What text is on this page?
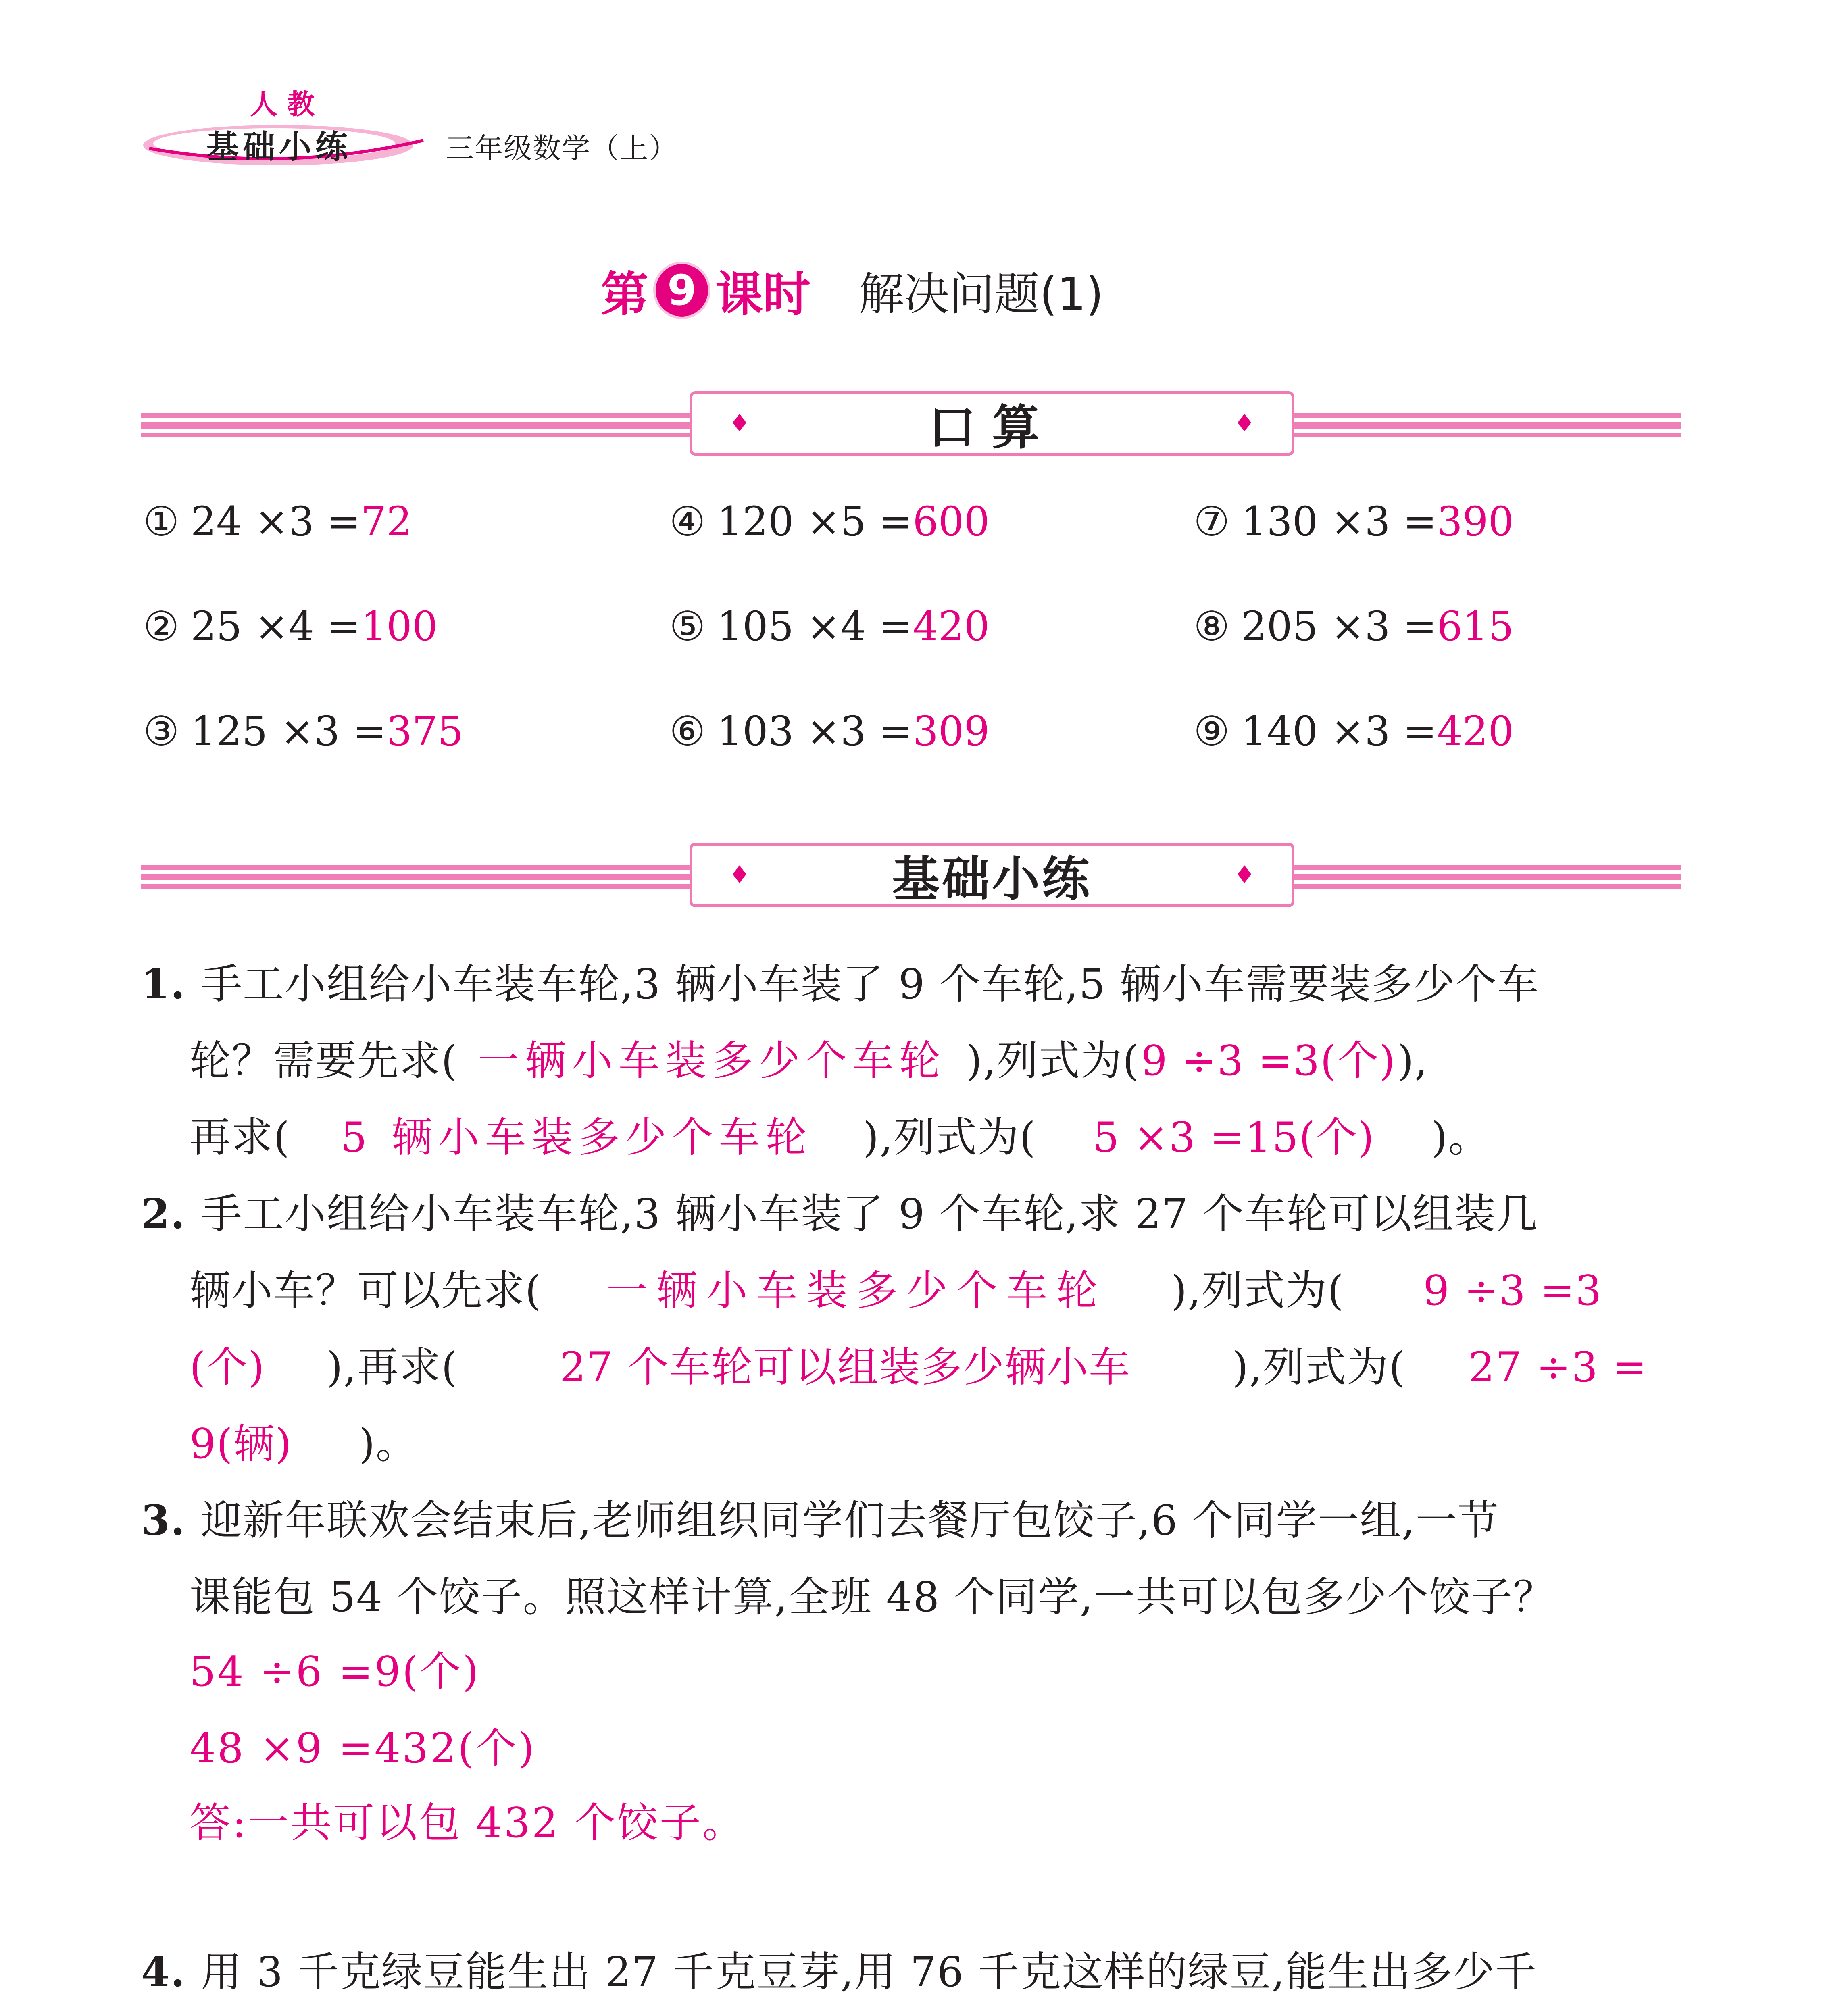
人教
基础小练	三年级数学（上）
第 9 课时 解决问题(1)
♦	口算	♦
① 24 ×3 =72	④ 120 ×5 =600	⑦ 130 ×3 =390
② 25 ×4 =100	⑤ 105 ×4 =420	⑧ 205 ×3 =615
③ 125 ×3 =375	⑥ 103 ×3 =309	⑨ 140 ×3 =420
♦	基础小练	♦
1. 手工小组给小车装车轮,3 辆小车装了 9 个车轮,5 辆小车需要装多少个车
轮？需要先求( 一辆小车装多少个车轮 ),列式为(9 ÷3 =3(个)),
再求( 5 辆小车装多少个车轮 ),列式为( 5 ×3 =15(个) )。
2. 手工小组给小车装车轮,3 辆小车装了 9 个车轮,求 27 个车轮可以组装几
辆小车？可以先求( 一辆小车装多少个车轮 ),列式为( 9 ÷3 =3
(个) ),再求( 27 个车轮可以组装多少辆小车 ),列式为( 27 ÷3 =
9(辆) )。
3. 迎新年联欢会结束后,老师组织同学们去餐厅包饺子,6 个同学一组,一节
课能包 54 个饺子。照这样计算,全班 48 个同学,一共可以包多少个饺子？
54 ÷6 =9(个)
48 ×9 =432(个)
答:一共可以包 432 个饺子。
4. 用 3 千克绿豆能生出 27 千克豆芽,用 76 千克这样的绿豆,能生出多少千
